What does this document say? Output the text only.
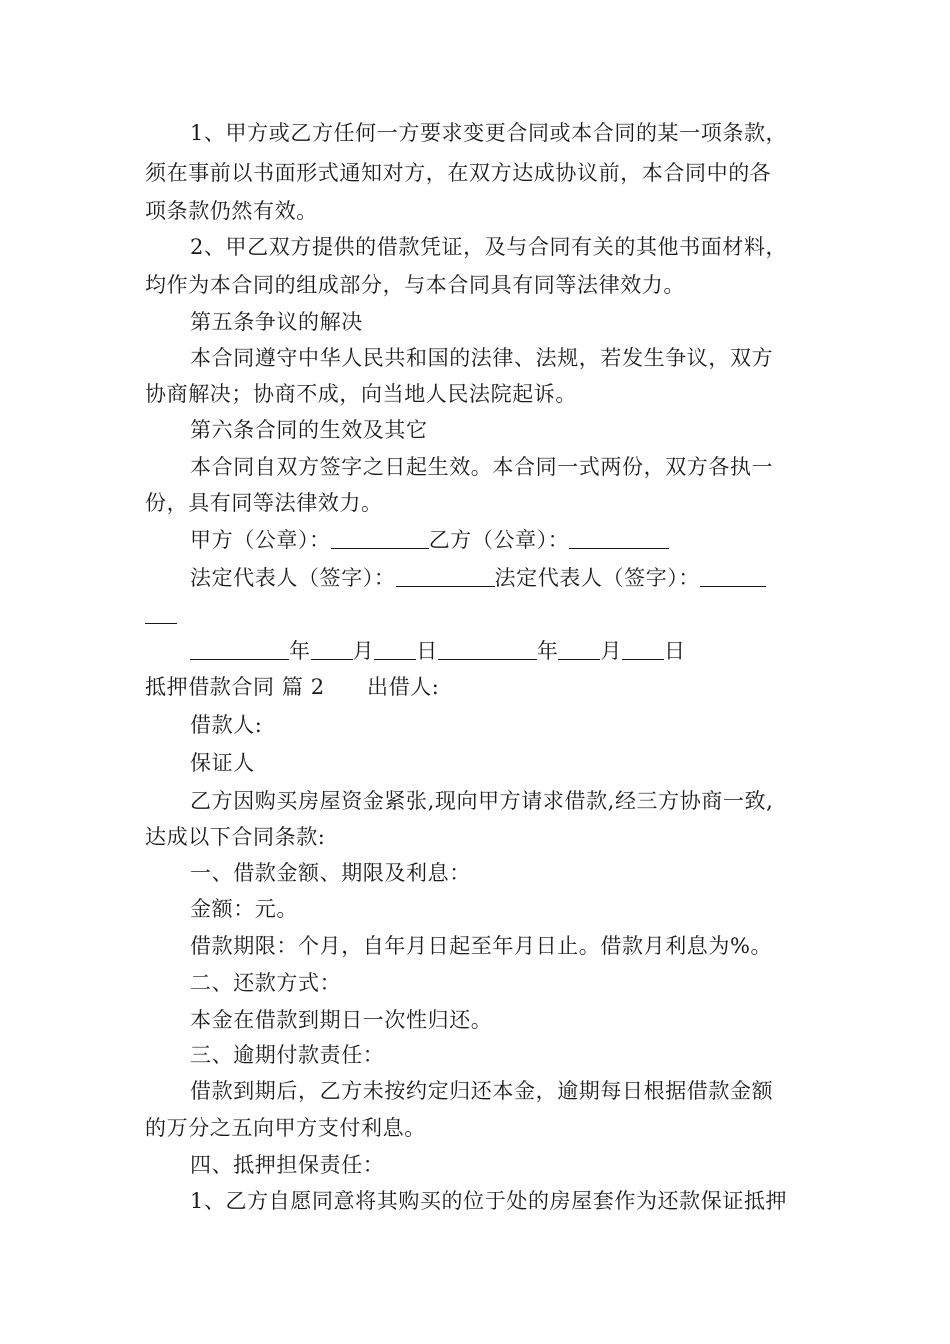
1、甲方或乙方任何一方要求变更合同或本合同的某一项条款，
须在事前以书面形式通知对方，在双方达成协议前，本合同中的各
项条款仍然有效。
2、甲乙双方提供的借款凭证，及与合同有关的其他书面材料，
均作为本合同的组成部分，与本合同具有同等法律效力。
第五条争议的解决
本合同遵守中华人民共和国的法律、法规，若发生争议，双方
协商解决；协商不成，向当地人民法院起诉。
第六条合同的生效及其它
本合同自双方签字之日起生效。本合同一式两份，双方各执一
份，具有同等法律效力。
甲方（公章）：	乙方（公章）：
法定代表人（签字）：	法定代表人（签字）：
年 月 日	年 月 日
抵押借款合同 篇 2 出借人:
借款人:
保证人
乙方因购买房屋资金紧张,现向甲方请求借款,经三方协商一致,
达成以下合同条款:
一、借款金额、期限及利息：
金额：元。
借款期限：个月，自年月日起至年月日止。借款月利息为%。
二、还款方式：
本金在借款到期日一次性归还。
三、逾期付款责任：
借款到期后，乙方未按约定归还本金，逾期每日根据借款金额
的万分之五向甲方支付利息。
四、抵押担保责任：
1、乙方自愿同意将其购买的位于处的房屋套作为还款保证抵押
